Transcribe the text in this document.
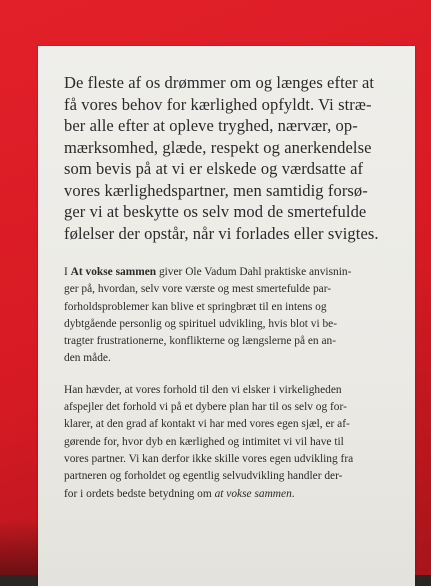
De fleste af os drømmer om og længes efter at
få vores behov for kærlighed opfyldt. Vi stræ-
ber alle efter at opleve tryghed, nærvær, op-
mærksomhed, glæde, respekt og anerkendelse
som bevis på at vi er elskede og værdsatte af
vores kærlighedspartner, men samtidig forsø-
ger vi at beskytte os selv mod de smertefulde
følelser der opstår, når vi forlades eller svigtes.
I At vokse sammen giver Ole Vadum Dahl praktiske anvisnin-
ger på, hvordan, selv vore værste og mest smertefulde par-
forholdsproblemer kan blive et springbræt til en intens og
dybtgående personlig og spirituel udvikling, hvis blot vi be-
tragter frustrationerne, konflikterne og længslerne på en an-
den måde.
Han hævder, at vores forhold til den vi elsker i virkeligheden
afspejler det forhold vi på et dybere plan har til os selv og for-
klarer, at den grad af kontakt vi har med vores egen sjæl, er af-
gørende for, hvor dyb en kærlighed og intimitet vi vil have til
vores partner. Vi kan derfor ikke skille vores egen udvikling fra
partneren og forholdet og egentlig selvudvikling handler der-
for i ordets bedste betydning om at vokse sammen.
